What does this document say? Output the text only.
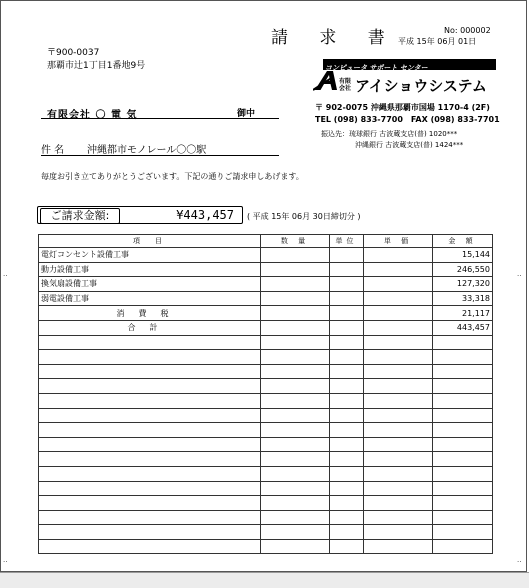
請 求 書	No: 000002
平成 15年 06月 01日
〒900-0037
那覇市辻1丁目1番地9号
有限会社 〇 電 気	御中
件 名 沖縄都市モノレール〇〇駅
毎度お引き立てありがとうございます。下記の通りご請求申しあげます。
コンピュータ サポート センター
有限
会社 アイショウシステム
〒 902-0075 沖縄県那覇市国場 1170-4 (2F)
TEL (098) 833-7700　FAX (098) 833-7701
振込先：琉球銀行 古波蔵支店(普) 1020***
沖縄銀行 古波蔵支店(普) 1424***
ご請求金額:	¥443,457 ( 平成 15年 06月 30日締切分 )
項　目	数 量	単位	単 価	金 額
電灯コンセント設備工事				15,144
動力設備工事				246,550
換気扇設備工事				127,320
弱電設備工事				33,318
消費税				21,117
合計				443,457

..	..
..	..
